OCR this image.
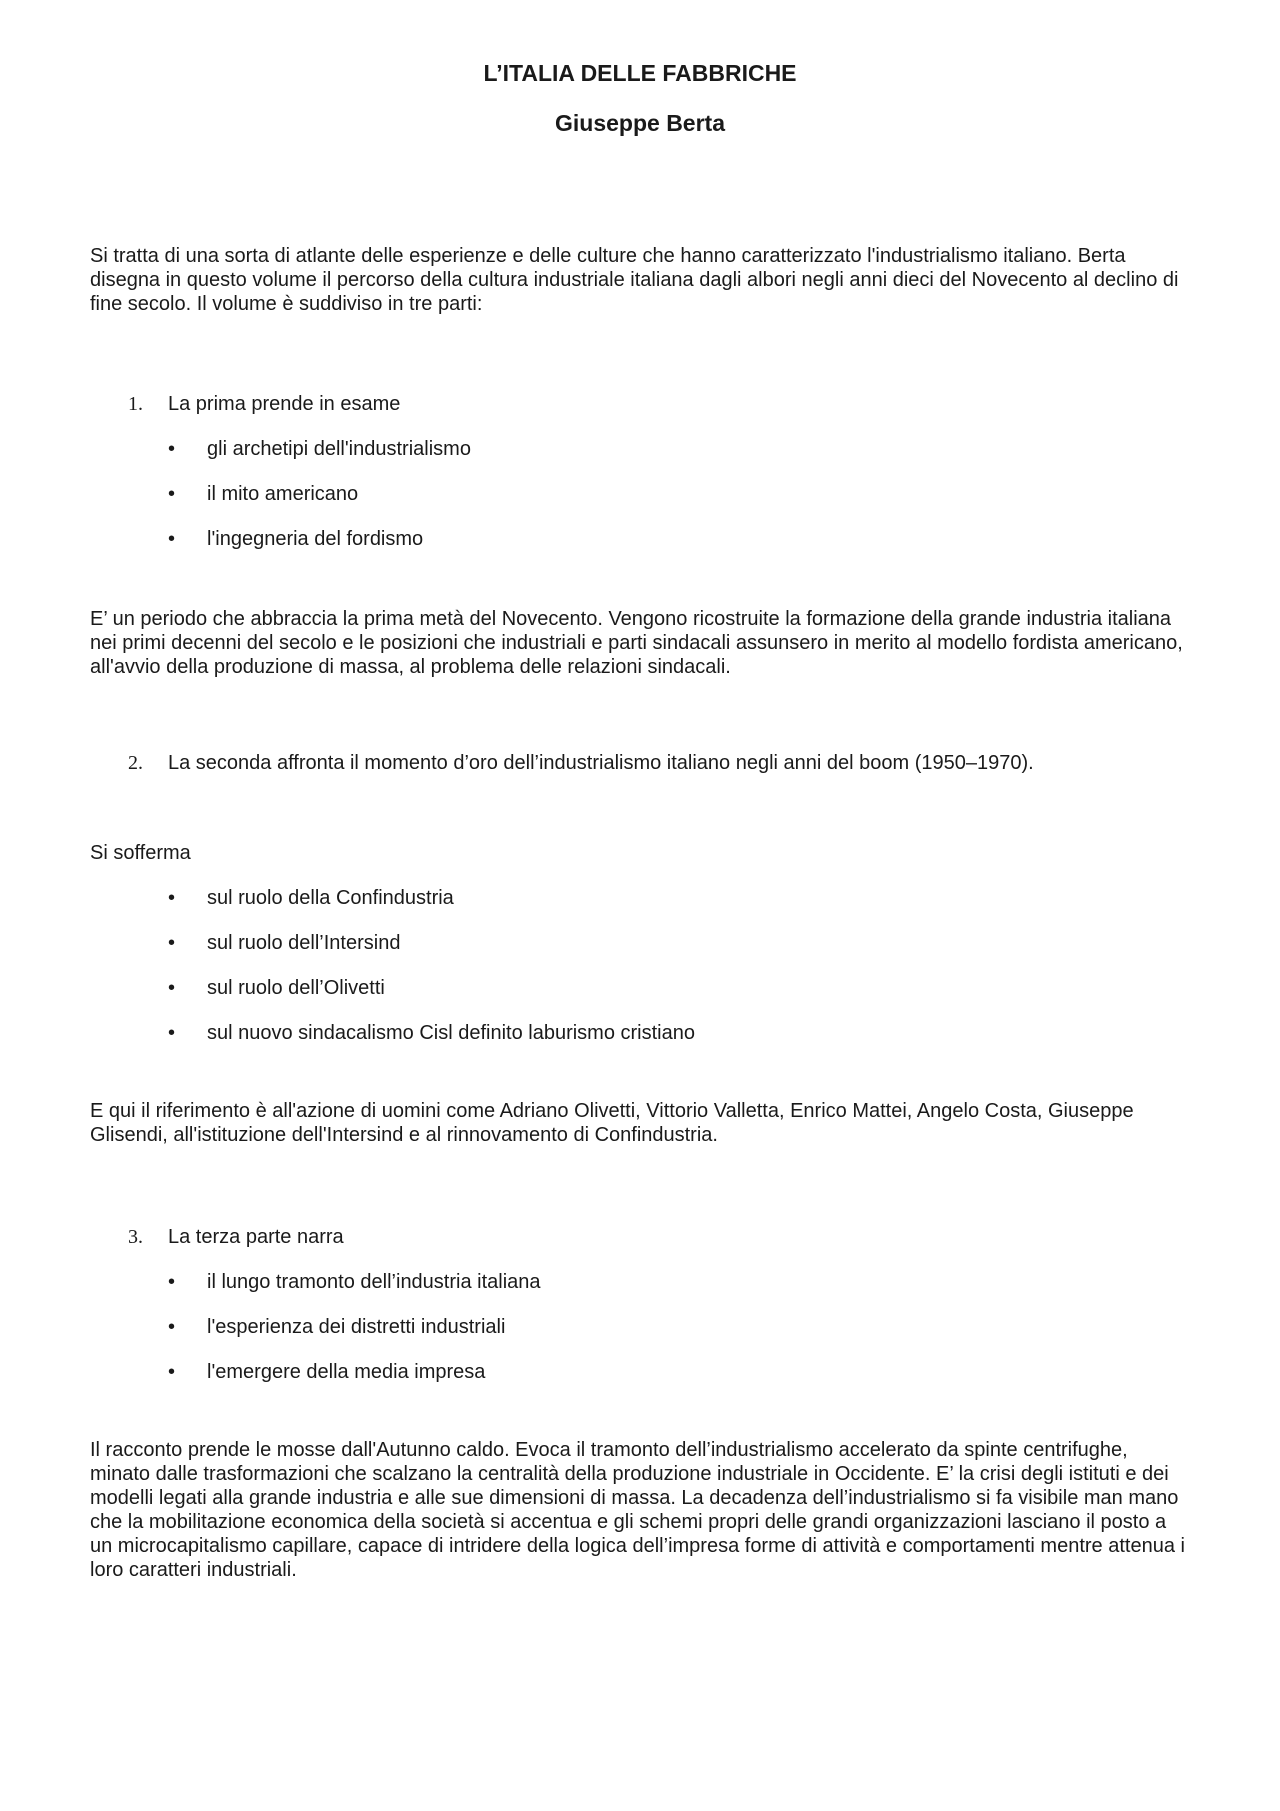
L’ITALIA DELLE FABBRICHE
Giuseppe Berta

Si tratta di una sorta di atlante delle esperienze e delle culture che hanno caratterizzato l'industrialismo italiano. Berta disegna in questo volume il percorso della cultura industriale italiana dagli albori negli anni dieci del Novecento al declino di fine secolo. Il volume è suddiviso in tre parti:

1.	La prima prende in esame
•	gli archetipi dell'industrialismo
•	il mito americano
•	l'ingegneria del fordismo

E’ un periodo che abbraccia la prima metà del Novecento. Vengono ricostruite la formazione della grande industria italiana nei primi decenni del secolo e le posizioni che industriali e parti sindacali assunsero in merito al modello fordista americano, all'avvio della produzione di massa, al problema delle relazioni sindacali.

2.	La seconda affronta il momento d’oro dell’industrialismo italiano negli anni del boom (1950–1970).

Si sofferma

•	sul ruolo della Confindustria
•	sul ruolo dell’Intersind
•	sul ruolo dell’Olivetti
•	sul nuovo sindacalismo Cisl definito laburismo cristiano

E qui il riferimento è all'azione di uomini come Adriano Olivetti, Vittorio Valletta, Enrico Mattei, Angelo Costa, Giuseppe Glisendi, all'istituzione dell'Intersind e al rinnovamento di Confindustria.

3.	La terza parte narra
•	il lungo tramonto dell’industria italiana
•	l'esperienza dei distretti industriali
•	l'emergere della media impresa

Il racconto prende le mosse dall'Autunno caldo. Evoca il tramonto dell’industrialismo accelerato da spinte centrifughe, minato dalle trasformazioni che scalzano la centralità della produzione industriale in Occidente. E’ la crisi degli istituti e dei modelli legati alla grande industria e alle sue dimensioni di massa. La decadenza dell’industrialismo si fa visibile man mano che la mobilitazione economica della società si accentua e gli schemi propri delle grandi organizzazioni lasciano il posto a un microcapitalismo capillare, capace di intridere della logica dell’impresa forme di attività e comportamenti mentre attenua i loro caratteri industriali.
